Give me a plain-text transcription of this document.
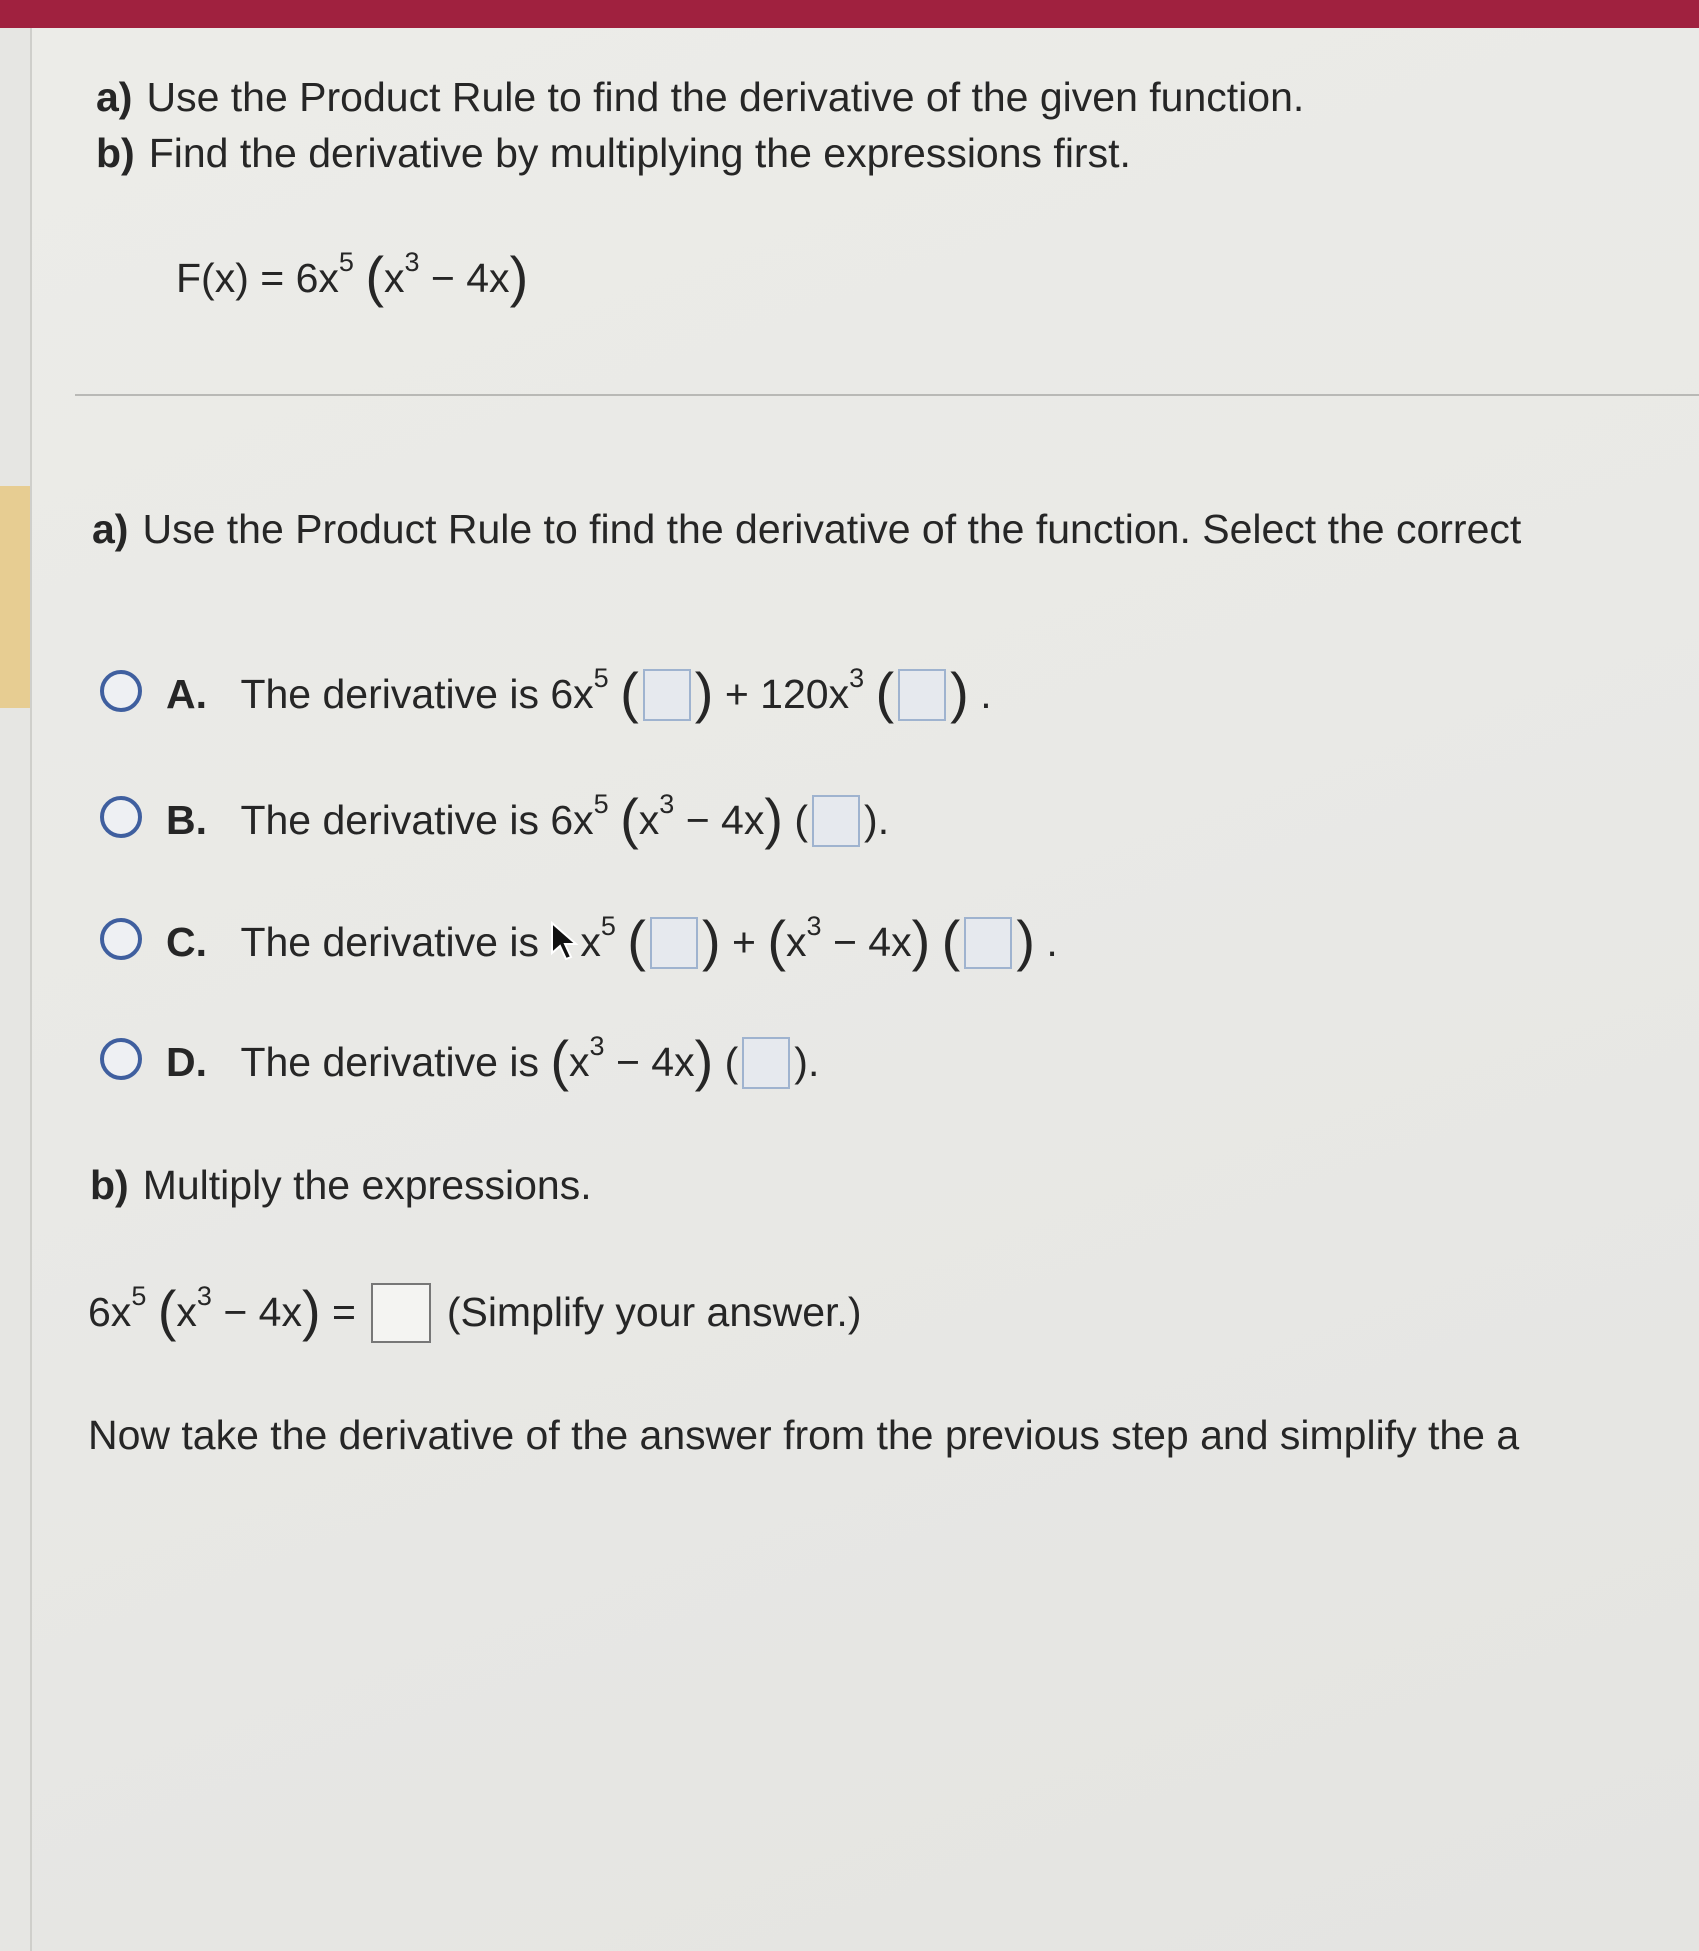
a) Use the Product Rule to find the derivative of the given function.
b) Find the derivative by multiplying the expressions first.
$F(x) = 6x^5$ $(x^3 - 4x)$
a) Use the Product Rule to find the derivative of the function. Select the correct
A. The derivative is $6x^5$ ( ) + $120x^3$ ( ) .
B. The derivative is $6x^5$ $(x^3 - 4x)$ ( ).
C. The derivative is $x^5$ ( ) + $(x^3 - 4x)$ ( ) .
D. The derivative is $(x^3 - 4x)$ ( ).
b) Multiply the expressions.
$6x^5$ $(x^3 - 4x)$ = (Simplify your answer.)
Now take the derivative of the answer from the previous step and simplify the a
